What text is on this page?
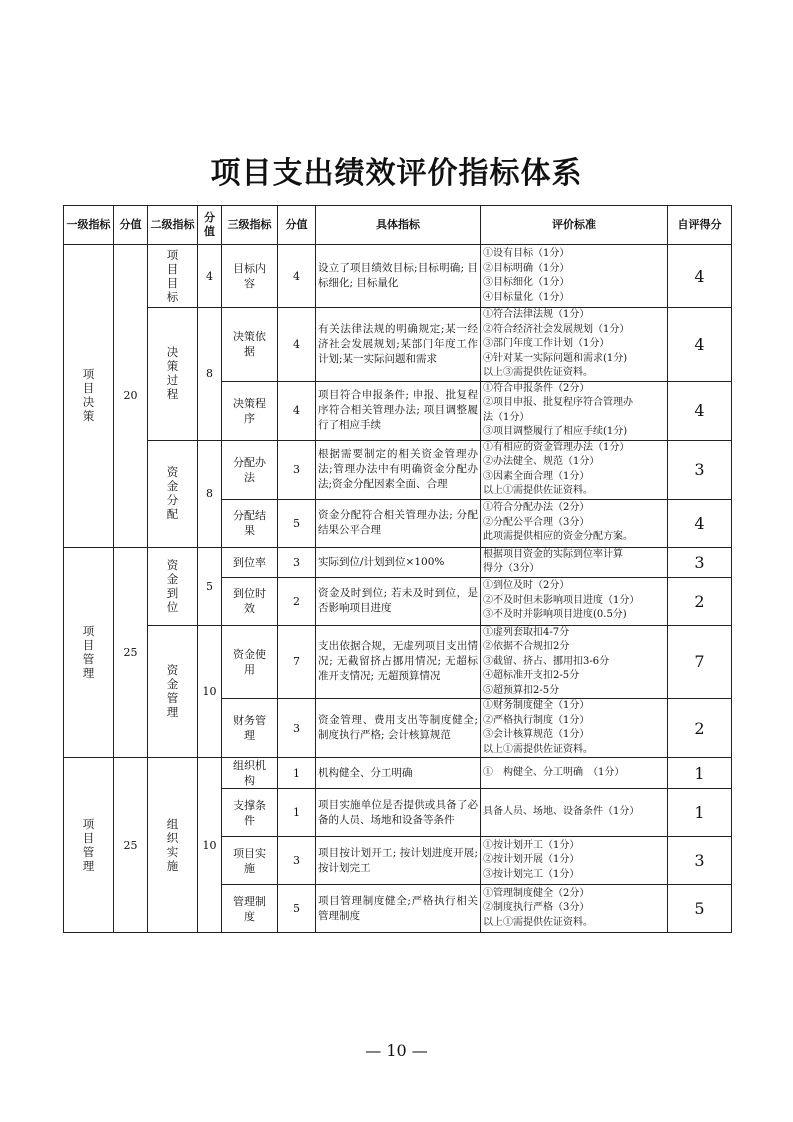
项目支出绩效评价指标体系
一级指标	分值	二级指标	分值	三级指标	分值	具体指标	评价标准	自评得分
项目决策	20	项目目标	4	目标内容	4	设立了项目绩效目标;目标明确; 目标细化; 目标量化	①设有目标（1分）
②目标明确（1分）
③目标细化（1分）
④目标量化（1分）	4
		决策过程	8	决策依据	4	有关法律法规的明确规定;某一经济社会发展规划;某部门年度工作计划;某一实际问题和需求	①符合法律法规（1分）
②符合经济社会发展规划（1分）
③部门年度工作计划（1分）
④针对某一实际问题和需求(1分)
以上③需提供佐证资料。	4
				决策程序	4	项目符合申报条件; 申报、批复程序符合相关管理办法; 项目调整履行了相应手续	①符合申报条件（2分）
②项目申报、批复程序符合管理办
法（1分）
③项目调整履行了相应手续(1分)	4
		资金分配	8	分配办法	3	根据需要制定的相关资金管理办法;管理办法中有明确资金分配办法;资金分配因素全面、合理	①有相应的资金管理办法（1分）
②办法健全、规范（1分）
③因素全面合理（1分）
以上①需提供佐证资料。	3
				分配结果	5	资金分配符合相关管理办法; 分配结果公平合理	①符合分配办法（2分）
②分配公平合理（3分）
此项需提供相应的资金分配方案。	4
项目管理	25	资金到位	5	到位率	3	实际到位/计划到位×100%	根据项目资金的实际到位率计算
得分（3分）	3
				到位时效	2	资金及时到位; 若未及时到位，是否影响项目进度	①到位及时（2分）
②不及时但未影响项目进度（1分）
③不及时并影响项目进度(0.5分)	2
		资金管理	10	资金使用	7	支出依据合规，无虚列项目支出情况; 无截留挤占挪用情况; 无超标准开支情况; 无超预算情况	①虚列套取扣4-7分
②依据不合规扣2分
③截留、挤占、挪用扣3-6分
④超标准开支扣2-5分
⑤超预算扣2-5分	7
				财务管理	3	资金管理、费用支出等制度健全; 制度执行严格; 会计核算规范	①财务制度健全（1分）
②严格执行制度（1分）
③会计核算规范（1分）
以上①需提供佐证资料。	2
项目管理	25	组织实施	10	组织机构	1	机构健全、分工明确	①　构健全、分工明确　（1分）	1
				支撑条件	1	项目实施单位是否提供或具备了必备的人员、场地和设备等条件	具备人员、场地、设备条件（1分）	1
				项目实施	3	项目按计划开工; 按计划进度开展; 按计划完工	①按计划开工（1分）
②按计划开展（1分）
③按计划完工（1分）	3
				管理制度	5	项目管理制度健全;严格执行相关管理制度	①管理制度健全（2分）
②制度执行严格（3分）
以上①需提供佐证资料。	5
— 10 —
